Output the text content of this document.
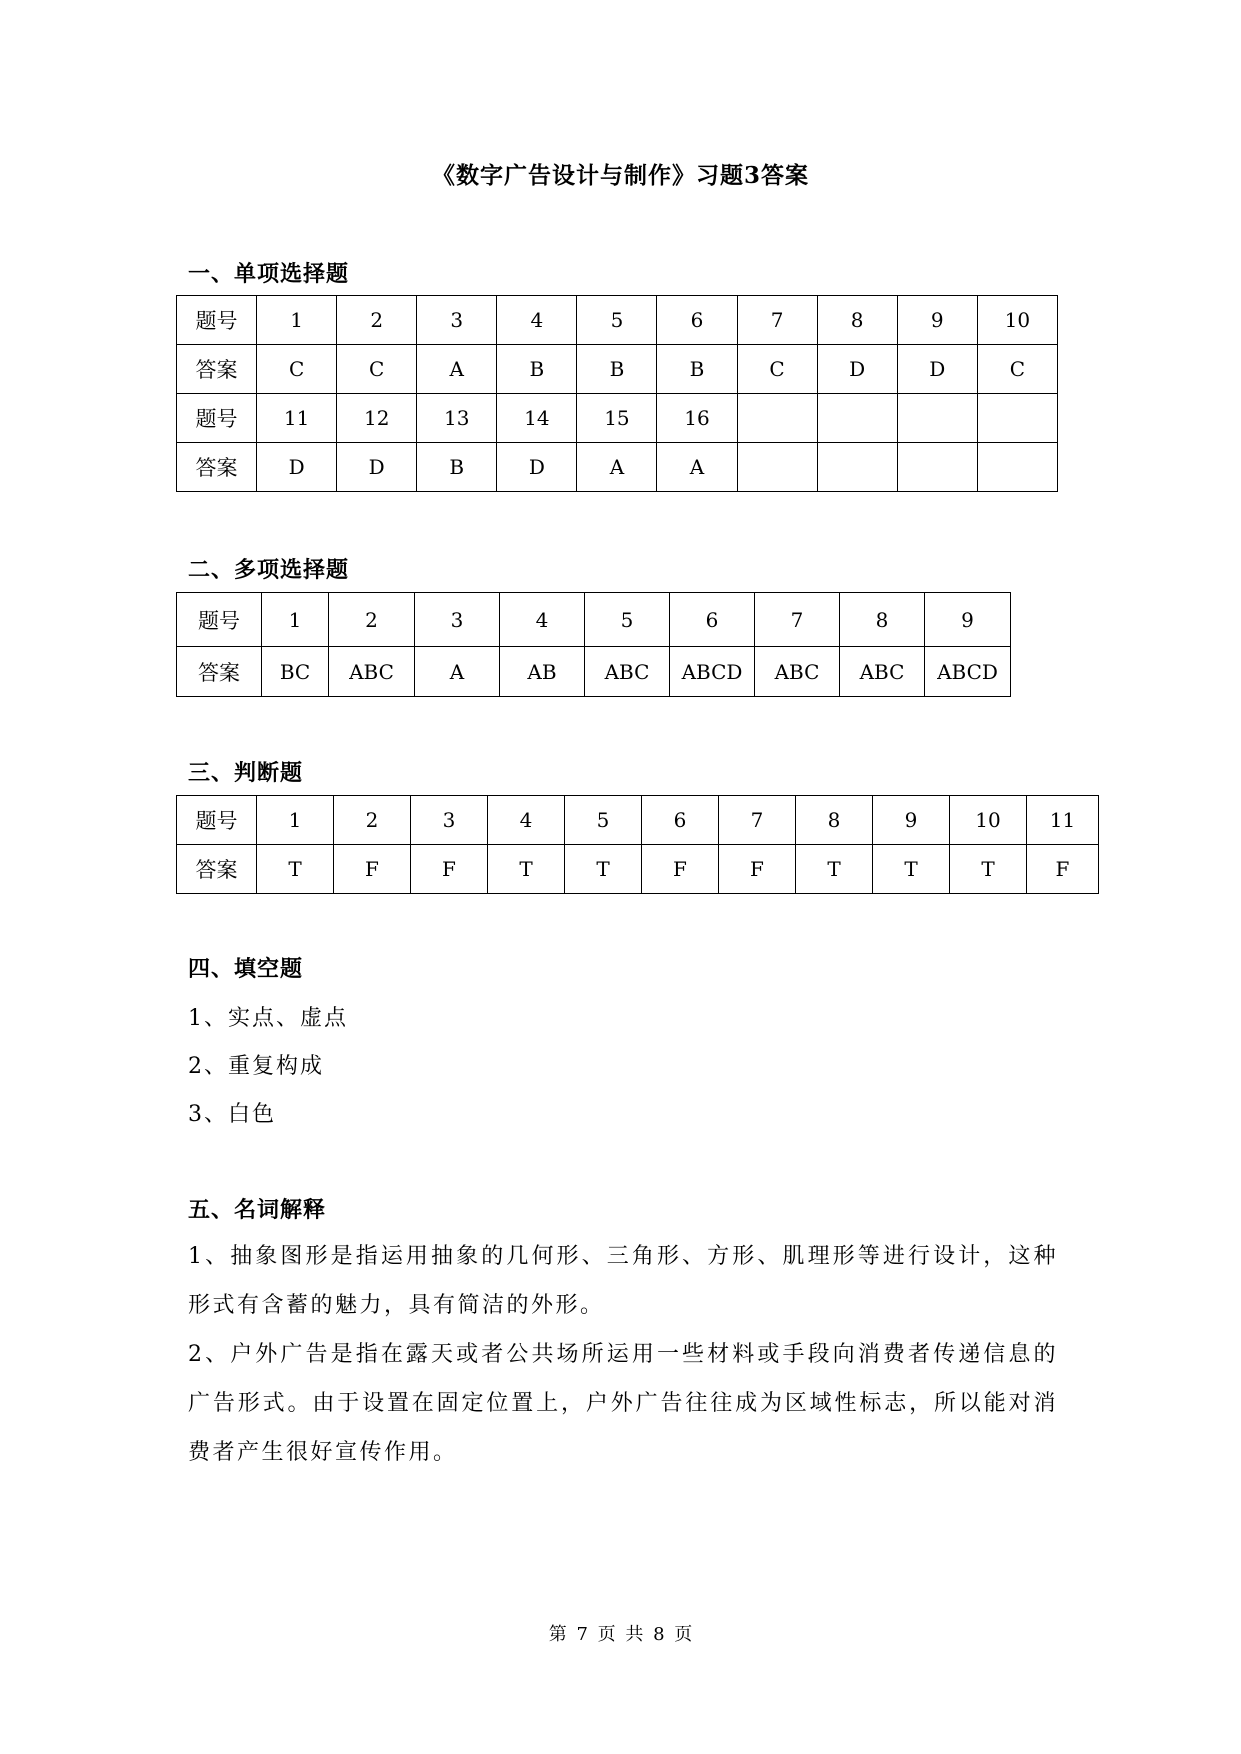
《数字广告设计与制作》习题3答案
一、单项选择题
题号	1	2	3	4	5	6	7	8	9	10
答案	C	C	A	B	B	B	C	D	D	C
题号	11	12	13	14	15	16				
答案	D	D	B	D	A	A				
二、多项选择题
题号	1	2	3	4	5	6	7	8	9
答案	BC	ABC	A	AB	ABC	ABCD	ABC	ABC	ABCD
三、判断题
题号	1	2	3	4	5	6	7	8	9	10	11
答案	T	F	F	T	T	F	F	T	T	T	F
四、填空题
1、实点、虚点
2、重复构成
3、白色
五、名词解释
1、抽象图形是指运用抽象的几何形、三角形、方形、肌理形等进行设计，这种形式有含蓄的魅力，具有简洁的外形。
2、户外广告是指在露天或者公共场所运用一些材料或手段向消费者传递信息的广告形式。由于设置在固定位置上，户外广告往往成为区域性标志，所以能对消费者产生很好宣传作用。
第 7 页 共 8 页
